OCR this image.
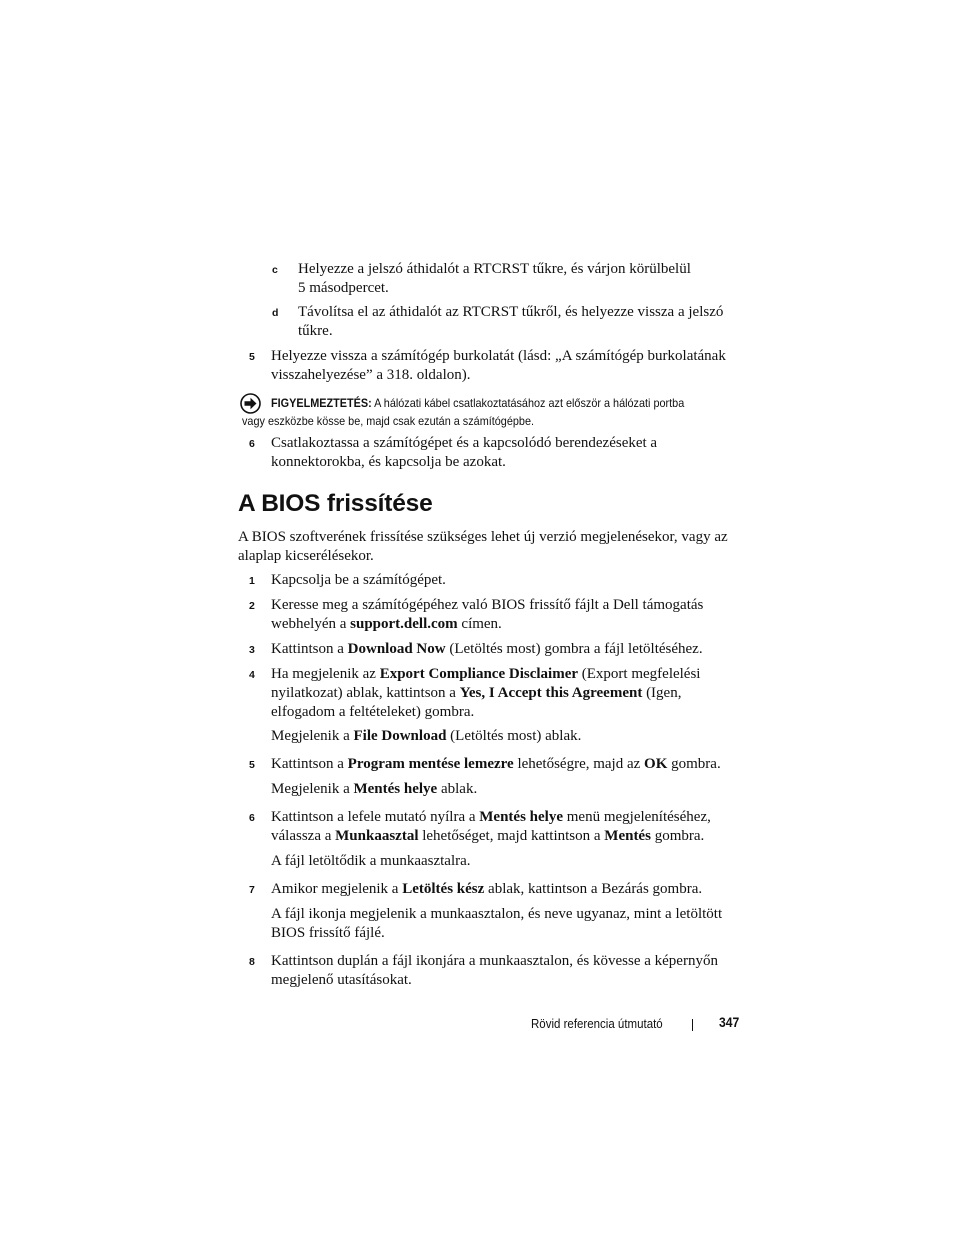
c Helyezze a jelszó áthidalót a RTCRST tűkre, és várjon körülbelül
5 másodpercet.
d Távolítsa el az áthidalót az RTCRST tűkről, és helyezze vissza a jelszó
tűkre.
5 Helyezze vissza a számítógép burkolatát (lásd: „A számítógép burkolatának
visszahelyezése” a 318. oldalon).
FIGYELMEZTETÉS: A hálózati kábel csatlakoztatásához azt először a hálózati portba
vagy eszközbe kösse be, majd csak ezután a számítógépbe.
6 Csatlakoztassa a számítógépet és a kapcsolódó berendezéseket a
konnektorokba, és kapcsolja be azokat.
A BIOS frissítése
A BIOS szoftverének frissítése szükséges lehet új verzió megjelenésekor, vagy az
alaplap kicserélésekor.
1 Kapcsolja be a számítógépet.
2 Keresse meg a számítógépéhez való BIOS frissítő fájlt a Dell támogatás
webhelyén a support.dell.com címen.
3 Kattintson a Download Now (Letöltés most) gombra a fájl letöltéséhez.
4 Ha megjelenik az Export Compliance Disclaimer (Export megfelelési
nyilatkozat) ablak, kattintson a Yes, I Accept this Agreement (Igen,
elfogadom a feltételeket) gombra.
Megjelenik a File Download (Letöltés most) ablak.
5 Kattintson a Program mentése lemezre lehetőségre, majd az OK gombra.
Megjelenik a Mentés helye ablak.
6 Kattintson a lefele mutató nyílra a Mentés helye menü megjelenítéséhez,
válassza a Munkaasztal lehetőséget, majd kattintson a Mentés gombra.
A fájl letöltődik a munkaasztalra.
7 Amikor megjelenik a Letöltés kész ablak, kattintson a Bezárás gombra.
A fájl ikonja megjelenik a munkaasztalon, és neve ugyanaz, mint a letöltött
BIOS frissítő fájlé.
8 Kattintson duplán a fájl ikonjára a munkaasztalon, és kövesse a képernyőn
megjelenő utasításokat.
Rövid referencia útmutató	347
